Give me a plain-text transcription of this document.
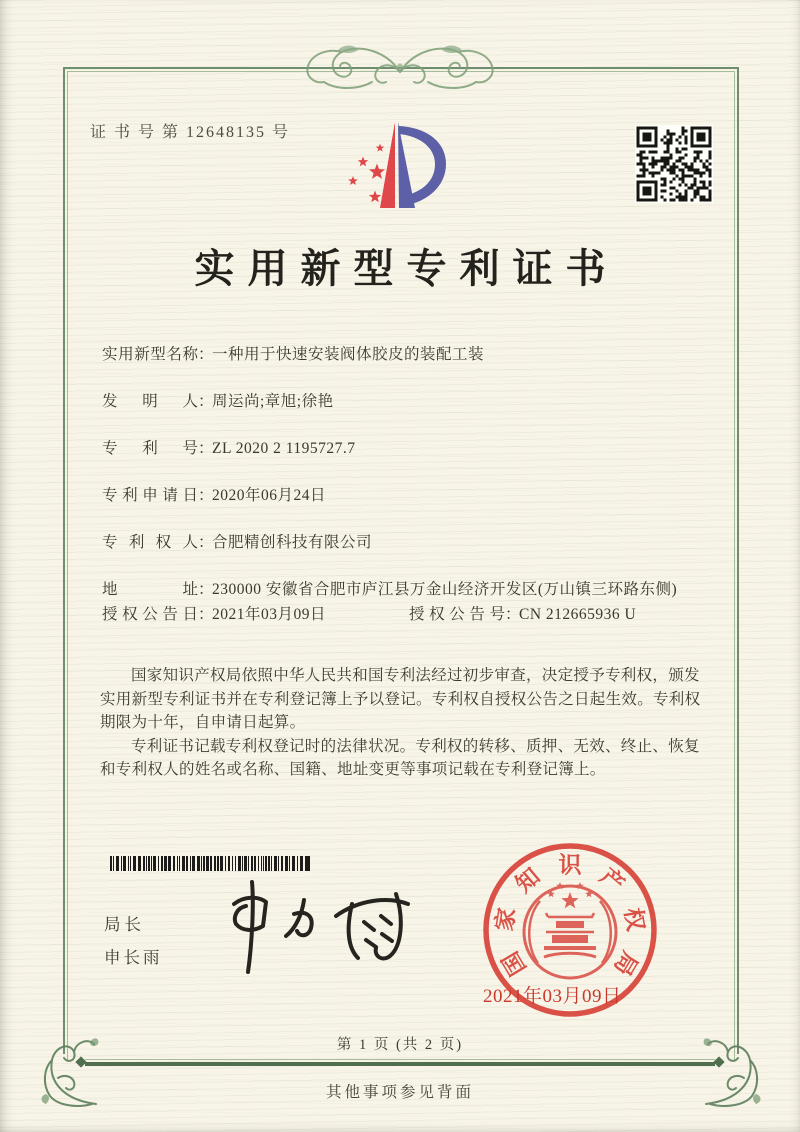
证 书 号 第 12648135 号
实用新型专利证书
实用新型名称 ：
一种用于快速安装阀体胶皮的装配工装
发明人 ：
周运尚;章旭;徐艳
专利号 ：
ZL 2020 2 1195727.7
专利申请日 ：
2020年06月24日
专利权人 ：
合肥精创科技有限公司
地址 ：
230000 安徽省合肥市庐江县万金山经济开发区(万山镇三环路东侧)
授权公告日 ：
2021年03月09日	授权公告号 ：
CN 212665936 U

国家知识产权局依照中华人民共和国专利法经过初步审查，决定授予专利权，颁发实用新型专利证书并在专利登记簿上予以登记。专利权自授权公告之日起生效。专利权期限为十年，自申请日起算。

专利证书记载专利权登记时的法律状况。专利权的转移、质押、无效、终止、恢复和专利权人的姓名或名称、国籍、地址变更等事项记载在专利登记簿上。

局长
申长雨	国
家
知 识 产
权
局
2021年03月09日
第 1 页 (共 2 页)
其他事项参见背面
